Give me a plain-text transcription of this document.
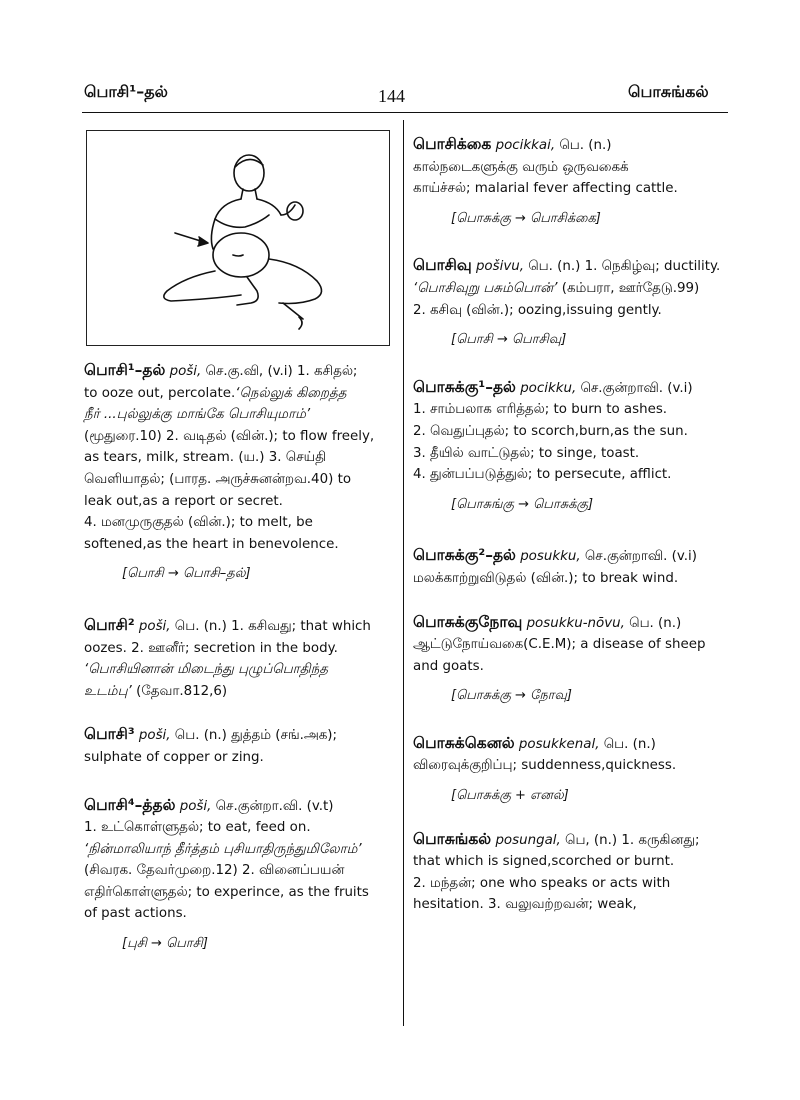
பொசி¹–தல்	144	பொசுங்கல்
பொசி¹–தல் poši, செ.கு.வி, (v.i) 1. கசிதல்;
to ooze out, percolate.‘நெல்லுக் கிறைத்த
நீர் ...புல்லுக்கு மாங்கே பொசியுமாம்’
(மூதுரை.10) 2. வடிதல் (வின்.); to flow freely,
as tears, milk, stream. (ய.) 3. செய்தி
வெளியாதல்; (பாரத. அருச்சுனன்றவ.40) to
leak out,as a report or secret.
4. மனமுருகுதல் (வின்.); to melt, be
softened,as the heart in benevolence.
[பொசி → பொசி–தல்]
பொசி² poši, பெ. (n.) 1. கசிவது; that which
oozes. 2. ஊனீர்; secretion in the body.
‘பொசியினான் மிடைந்து புழுப்பொதிந்த
உடம்பு’ (தேவா.812,6)
பொசி³ poši, பெ. (n.) துத்தம் (சங்.அக);
sulphate of copper or zing.
பொசி⁴–த்தல் poši, செ.குன்றா.வி. (v.t)
1. உட்கொள்ளுதல்; to eat, feed on.
‘நின்மாலியாந் தீர்த்தம் புசியாதிருந்துமிலோம்’
(சிவரக. தேவர்முறை.12) 2. வினைப்பயன்
எதிர்கொள்ளுதல்; to experince, as the fruits
of past actions.
[புசி → பொசி]
பொசிக்கை pocikkai, பெ. (n.)
கால்நடைகளுக்கு வரும் ஒருவகைக்
காய்ச்சல்; malarial fever affecting cattle.
[பொசுக்கு → பொசிக்கை]
பொசிவு pošivu, பெ. (n.) 1. நெகிழ்வு; ductility.
‘பொசிவுறு பசும்பொன்’ (கம்பரா, ஊர்தேடு.99)
2. கசிவு (வின்.); oozing,issuing gently.
[பொசி → பொசிவு]
பொசுக்கு¹–தல் pocikku, செ.குன்றாவி. (v.i)
1. சாம்பலாக எரித்தல்; to burn to ashes.
2. வெதுப்புதல்; to scorch,burn,as the sun.
3. தீயில் வாட்டுதல்; to singe, toast.
4. துன்பப்படுத்துல்; to persecute, afflict.
[பொசுங்கு → பொசுக்கு]
பொசுக்கு²–தல் posukku, செ.குன்றாவி. (v.i)
மலக்காற்றுவிடுதல் (வின்.); to break wind.
பொசுக்குநோவு posukku-nōvu, பெ. (n.)
ஆட்டுநோய்வகை(C.E.M); a disease of sheep
and goats.
[பொசுக்கு → நோவு]
பொசுக்கெனல் posukkenal, பெ. (n.)
விரைவுக்குறிப்பு; suddenness,quickness.
[பொசுக்கு + எனல்]
பொசுங்கல் posungal, பெ, (n.) 1. கருகினது;
that which is signed,scorched or burnt.
2. மந்தன்; one who speaks or acts with
hesitation. 3. வலுவற்றவன்; weak,
